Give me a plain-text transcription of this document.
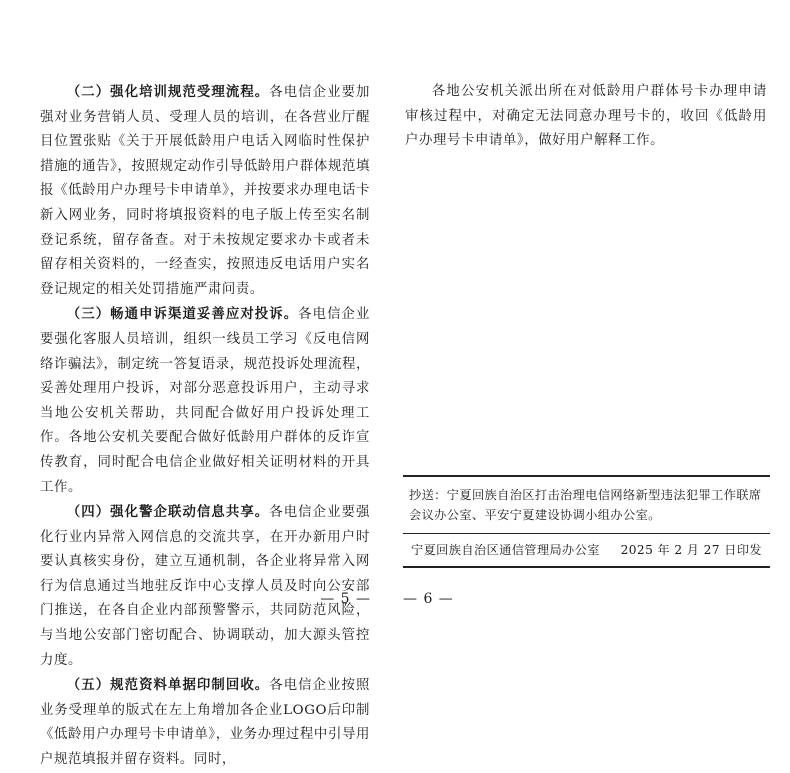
（二）强化培训规范受理流程。各电信企业要加强对业务营销人员、受理人员的培训，在各营业厅醒目位置张贴《关于开展低龄用户电话入网临时性保护措施的通告》，按照规定动作引导低龄用户群体规范填报《低龄用户办理号卡申请单》，并按要求办理电话卡新入网业务，同时将填报资料的电子版上传至实名制登记系统，留存备查。对于未按规定要求办卡或者未留存相关资料的，一经查实，按照违反电话用户实名登记规定的相关处罚措施严肃问责。

（三）畅通申诉渠道妥善应对投诉。各电信企业要强化客服人员培训，组织一线员工学习《反电信网络诈骗法》，制定统一答复语录，规范投诉处理流程，妥善处理用户投诉，对部分恶意投诉用户，主动寻求当地公安机关帮助，共同配合做好用户投诉处理工作。各地公安机关要配合做好低龄用户群体的反诈宣传教育，同时配合电信企业做好相关证明材料的开具工作。

（四）强化警企联动信息共享。各电信企业要强化行业内异常入网信息的交流共享，在开办新用户时要认真核实身份，建立互通机制，各企业将异常入网行为信息通过当地驻反诈中心支撑人员及时向公安部门推送，在各自企业内部预警警示，共同防范风险，与当地公安部门密切配合、协调联动，加大源头管控力度。

（五）规范资料单据印制回收。各电信企业按照业务受理单的版式在左上角增加各企业LOGO后印制《低龄用户办理号卡申请单》，业务办理过程中引导用户规范填报并留存资料。同时，

— 5 —

各地公安机关派出所在对低龄用户群体号卡办理申请审核过程中，对确定无法同意办理号卡的，收回《低龄用户办理号卡申请单》，做好用户解释工作。

抄送：宁夏回族自治区打击治理电信网络新型违法犯罪工作联席会议办公室、平安宁夏建设协调小组办公室。
宁夏回族自治区通信管理局办公室 2025 年 2 月 27 日印发
— 6 —
